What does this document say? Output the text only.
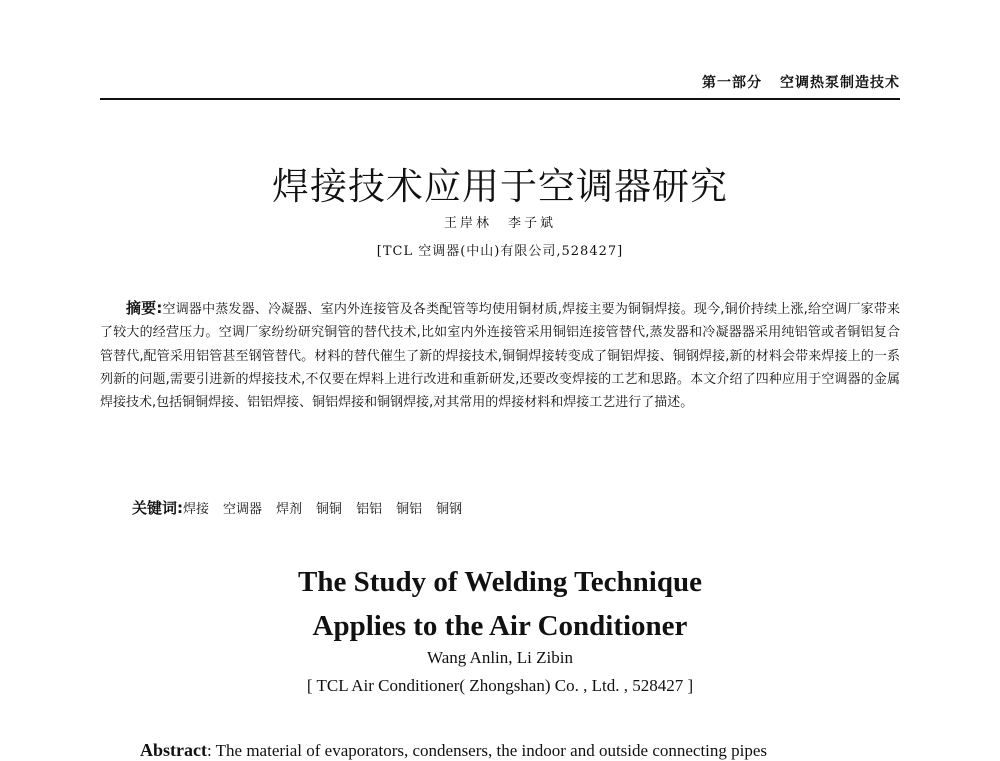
第一部分 空调热泵制造技术
焊接技术应用于空调器研究
王岸林　李子斌
[TCL 空调器(中山)有限公司,528427]
摘要:空调器中蒸发器、冷凝器、室内外连接管及各类配管等均使用铜材质,焊接主要为铜铜焊接。现今,铜价持续上涨,给空调厂家带来了较大的经营压力。空调厂家纷纷研究铜管的替代技术,比如室内外连接管采用铜铝连接管替代,蒸发器和冷凝器器采用纯铝管或者铜铝复合管替代,配管采用铝管甚至钢管替代。材料的替代催生了新的焊接技术,铜铜焊接转变成了铜铝焊接、铜钢焊接,新的材料会带来焊接上的一系列新的问题,需要引进新的焊接技术,不仅要在焊料上进行改进和重新研发,还要改变焊接的工艺和思路。本文介绍了四种应用于空调器的金属焊接技术,包括铜铜焊接、铝铝焊接、铜铝焊接和铜钢焊接,对其常用的焊接材料和焊接工艺进行了描述。
关键词:焊接 空调器 焊剂 铜铜 铝铝 铜铝 铜钢
The Study of Welding Technique
Applies to the Air Conditioner
Wang Anlin, Li Zibin
[ TCL Air Conditioner( Zhongshan) Co. , Ltd. , 528427 ]
Abstract: The material of evaporators, condensers, the indoor and outside connecting pipes
